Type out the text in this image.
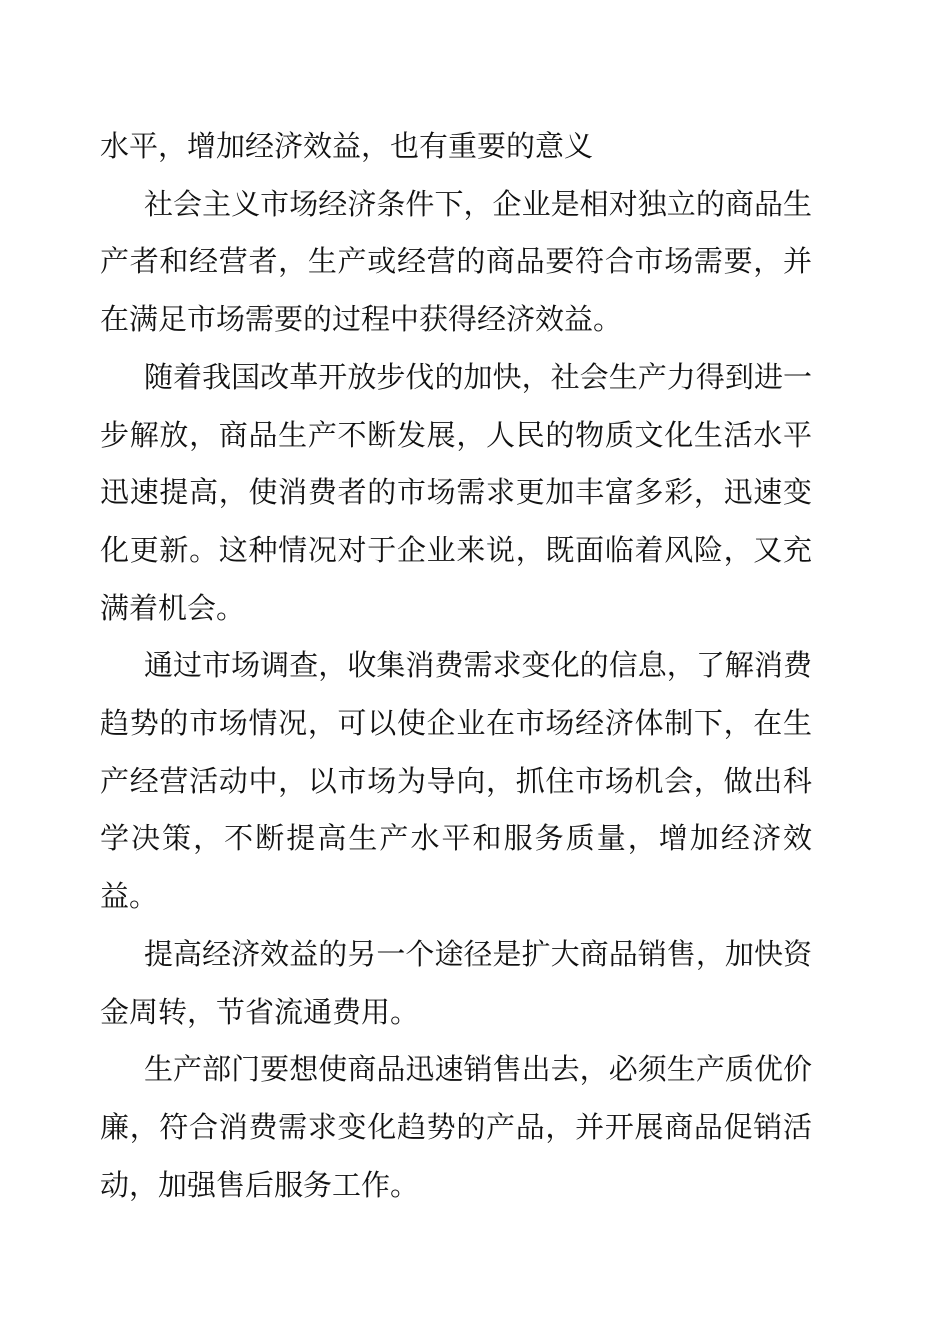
水平，增加经济效益，也有重要的意义

社会主义市场经济条件下，企业是相对独立的商品生产者和经营者，生产或经营的商品要符合市场需要，并在满足市场需要的过程中获得经济效益。

随着我国改革开放步伐的加快，社会生产力得到进一步解放，商品生产不断发展，人民的物质文化生活水平迅速提高，使消费者的市场需求更加丰富多彩，迅速变化更新。这种情况对于企业来说，既面临着风险，又充满着机会。

通过市场调查，收集消费需求变化的信息，了解消费趋势的市场情况，可以使企业在市场经济体制下，在生产经营活动中，以市场为导向，抓住市场机会，做出科学决策，不断提高生产水平和服务质量，增加经济效益。

提高经济效益的另一个途径是扩大商品销售，加快资金周转，节省流通费用。

生产部门要想使商品迅速销售出去，必须生产质优价廉，符合消费需求变化趋势的产品，并开展商品促销活动，加强售后服务工作。
